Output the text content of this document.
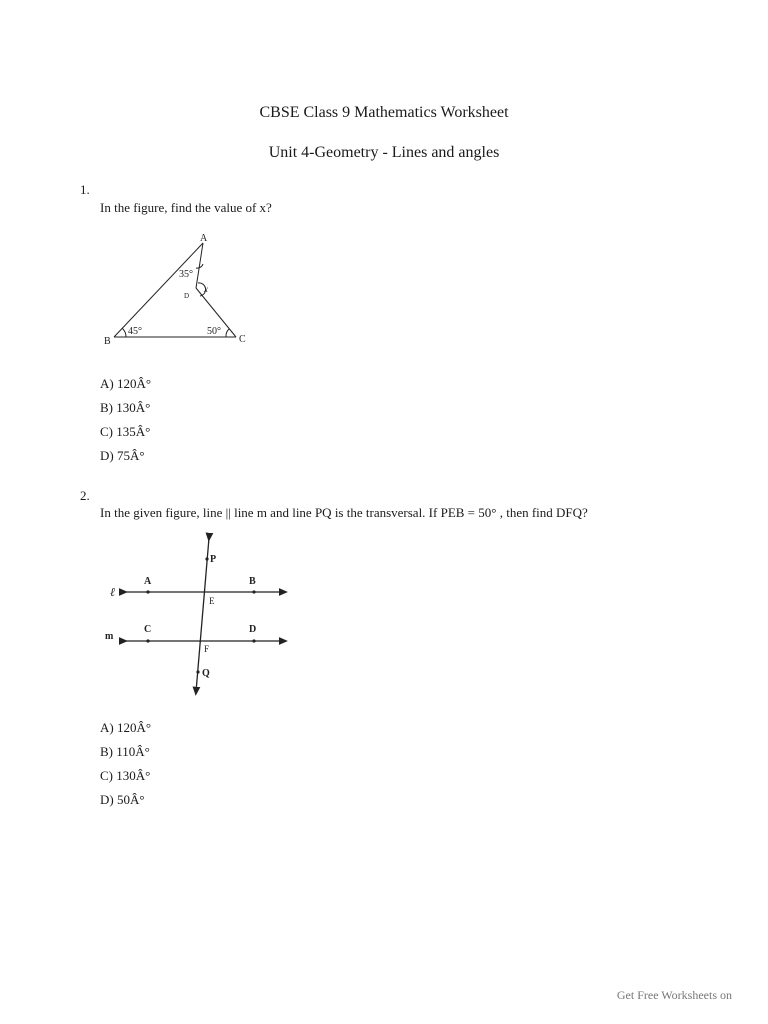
CBSE Class 9 Mathematics Worksheet
Unit 4-Geometry - Lines and angles
1.
In the figure, find the value of x?
A
B	C
D
x
35°
45°	50°
A) 120Â°
B) 130Â°
C) 135Â°
D) 75Â°
2.
In the given figure, line || line m and line PQ is the transversal. If PEB = 50° , then find DFQ?
ℓ
m
A	B
C	D
E
F
P
Q
A) 120Â°
B) 110Â°
C) 130Â°
D) 50Â°
Get Free Worksheets on
